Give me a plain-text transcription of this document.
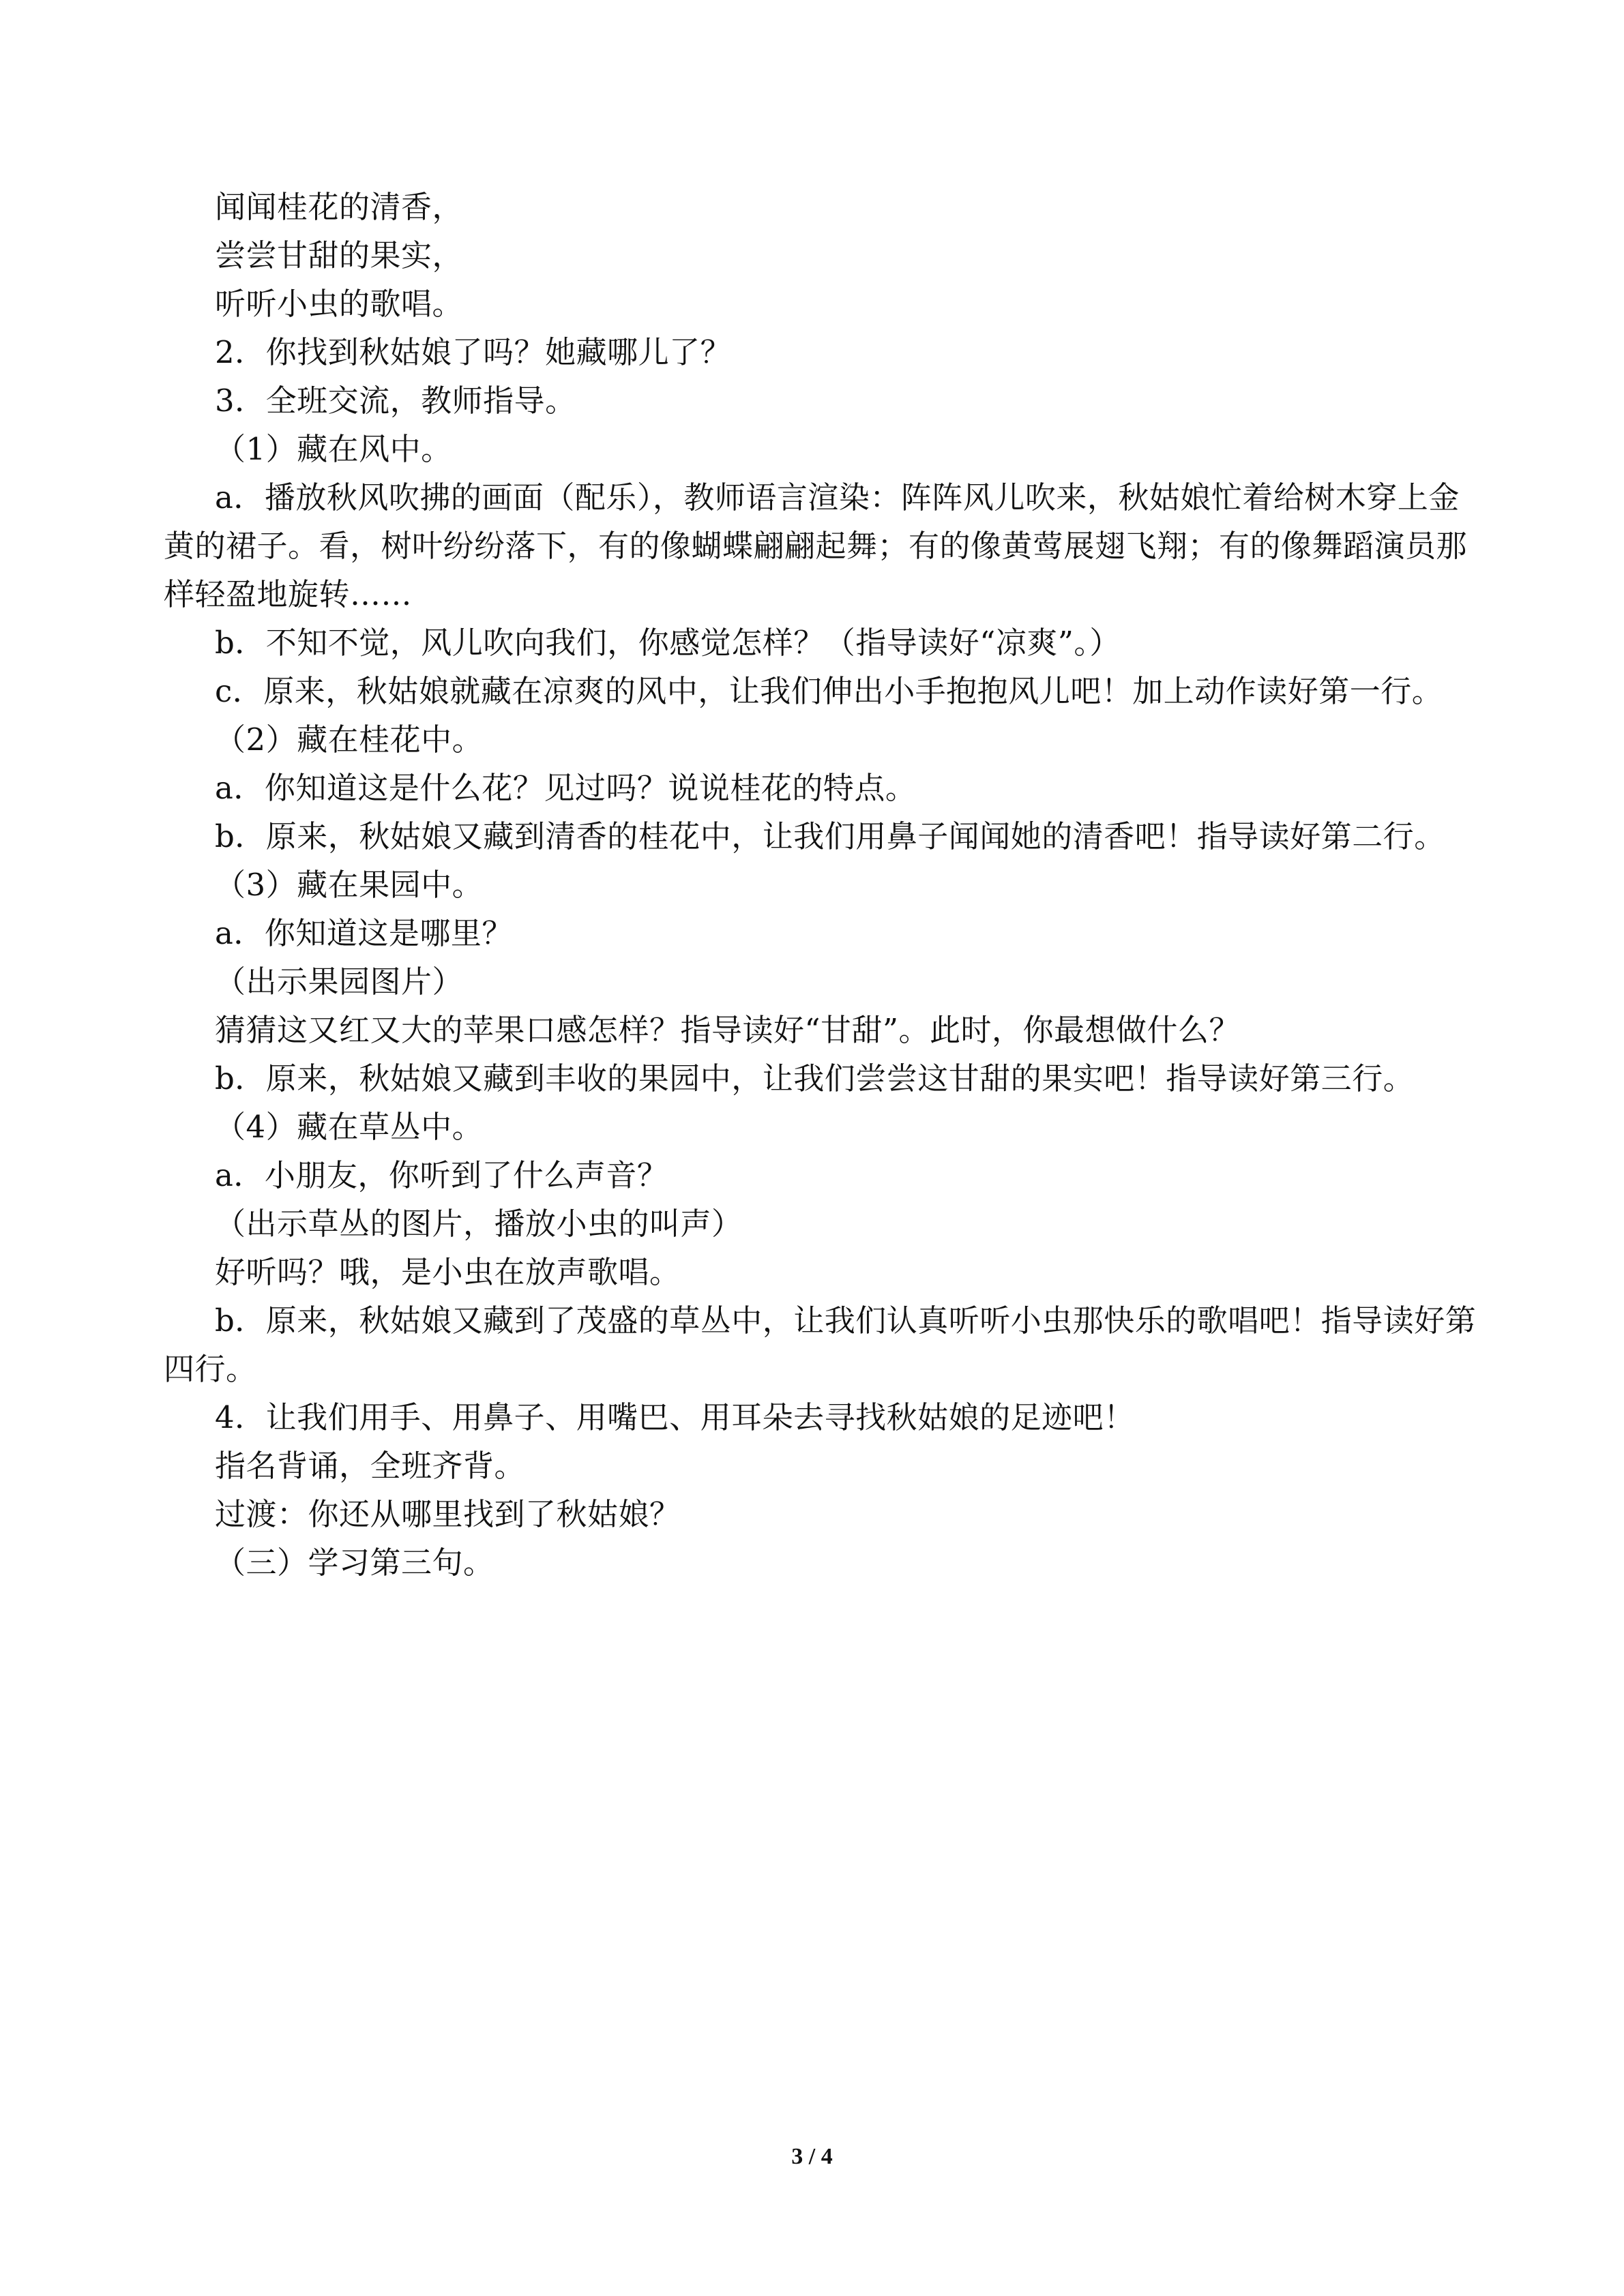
闻闻桂花的清香，

尝尝甘甜的果实，

听听小虫的歌唱。

2．你找到秋姑娘了吗？她藏哪儿了？

3．全班交流，教师指导。

（1）藏在风中。

a．播放秋风吹拂的画面（配乐），教师语言渲染：阵阵风儿吹来，秋姑娘忙着给树木穿上金黄的裙子。看，树叶纷纷落下，有的像蝴蝶翩翩起舞；有的像黄莺展翅飞翔；有的像舞蹈演员那样轻盈地旋转……

b．不知不觉，风儿吹向我们，你感觉怎样？（指导读好“凉爽”。）

c．原来，秋姑娘就藏在凉爽的风中，让我们伸出小手抱抱风儿吧！加上动作读好第一行。

（2）藏在桂花中。

a．你知道这是什么花？见过吗？说说桂花的特点。

b．原来，秋姑娘又藏到清香的桂花中，让我们用鼻子闻闻她的清香吧！指导读好第二行。

（3）藏在果园中。

a．你知道这是哪里？

（出示果园图片）

猜猜这又红又大的苹果口感怎样？指导读好“甘甜”。此时，你最想做什么？

b．原来，秋姑娘又藏到丰收的果园中，让我们尝尝这甘甜的果实吧！指导读好第三行。

（4）藏在草丛中。

a．小朋友，你听到了什么声音？

（出示草丛的图片，播放小虫的叫声）

好听吗？哦，是小虫在放声歌唱。

b．原来，秋姑娘又藏到了茂盛的草丛中，让我们认真听听小虫那快乐的歌唱吧！指导读好第四行。

4．让我们用手、用鼻子、用嘴巴、用耳朵去寻找秋姑娘的足迹吧！

指名背诵，全班齐背。

过渡：你还从哪里找到了秋姑娘？

（三）学习第三句。

3 / 4
